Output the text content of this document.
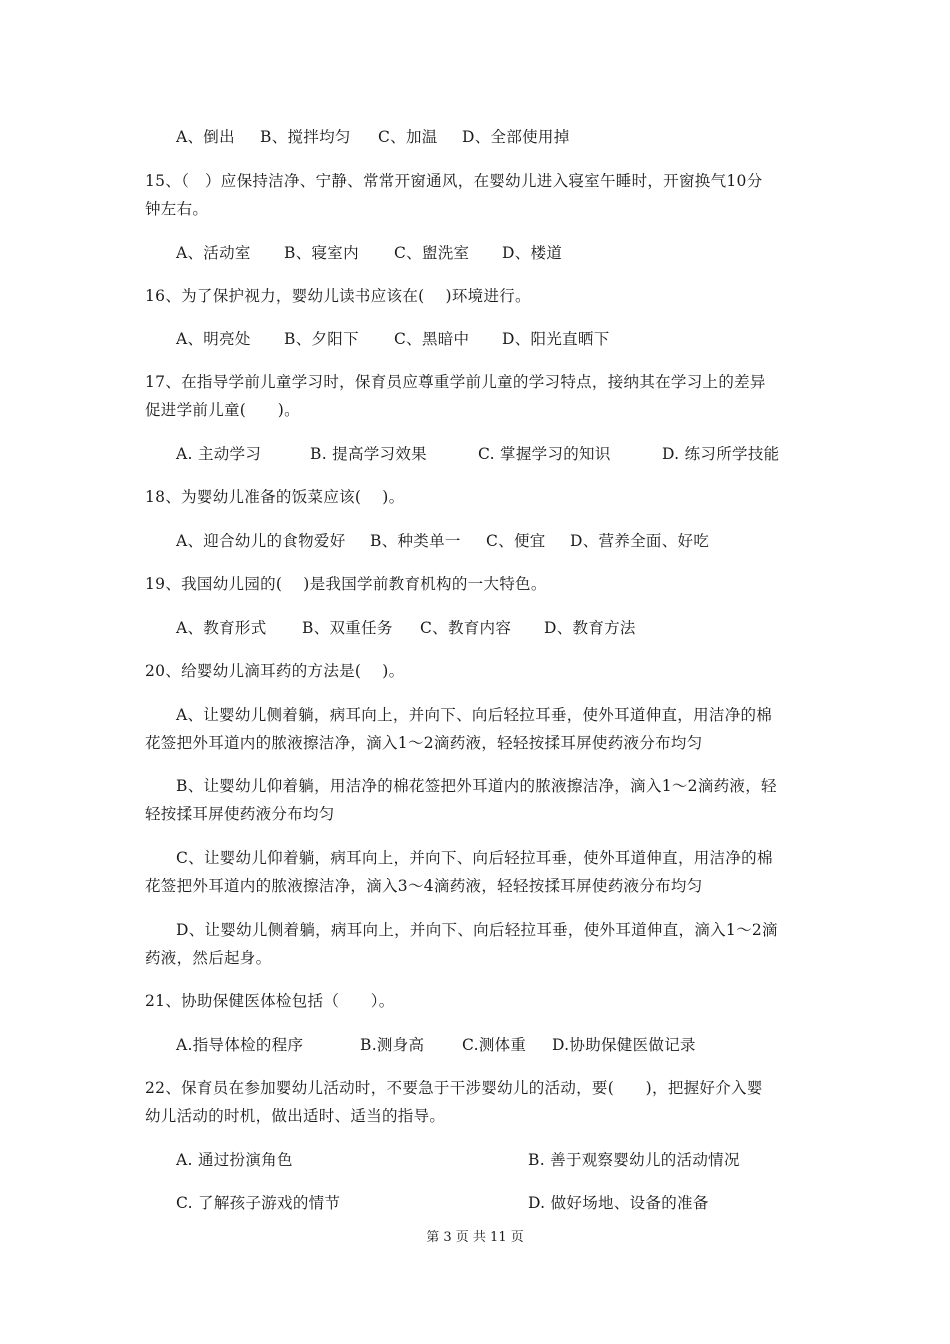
A、倒出 B、搅拌均匀 C、加温 D、全部使用掉
15、（　）应保持洁净、宁静、常常开窗通风，在婴幼儿进入寝室午睡时，开窗换气10分
钟左右。
A、活动室 B、寝室内 C、盥洗室 D、楼道
16、为了保护视力，婴幼儿读书应该在(　 )环境进行。
A、明亮处 B、夕阳下 C、黑暗中 D、阳光直晒下
17、在指导学前儿童学习时，保育员应尊重学前儿童的学习特点，接纳其在学习上的差异
促进学前儿童(　　)。
A. 主动学习	B. 提高学习效果	C. 掌握学习的知识	D. 练习所学技能
18、为婴幼儿准备的饭菜应该(　 )。
A、迎合幼儿的食物爱好 B、种类单一 C、便宜 D、营养全面、好吃
19、我国幼儿园的(　 )是我国学前教育机构的一大特色。
A、教育形式 B、双重任务 C、教育内容 D、教育方法
20、给婴幼儿滴耳药的方法是(　 )。
A、让婴幼儿侧着躺，病耳向上，并向下、向后轻拉耳垂，使外耳道伸直，用洁净的棉
花签把外耳道内的脓液擦洁净，滴入1～2滴药液，轻轻按揉耳屏使药液分布均匀
B、让婴幼儿仰着躺，用洁净的棉花签把外耳道内的脓液擦洁净，滴入1～2滴药液，轻
轻按揉耳屏使药液分布均匀
C、让婴幼儿仰着躺，病耳向上，并向下、向后轻拉耳垂，使外耳道伸直，用洁净的棉
花签把外耳道内的脓液擦洁净，滴入3～4滴药液，轻轻按揉耳屏使药液分布均匀
D、让婴幼儿侧着躺，病耳向上，并向下、向后轻拉耳垂，使外耳道伸直，滴入1～2滴
药液，然后起身。
21、协助保健医体检包括（　　）。
A.指导体检的程序	B.测身高 C.测体重 D.协助保健医做记录
22、保育员在参加婴幼儿活动时，不要急于干涉婴幼儿的活动，要(　　)，把握好介入婴
幼儿活动的时机，做出适时、适当的指导。
A. 通过扮演角色	B. 善于观察婴幼儿的活动情况
C. 了解孩子游戏的情节	D. 做好场地、设备的准备
第 3 页 共 11 页
